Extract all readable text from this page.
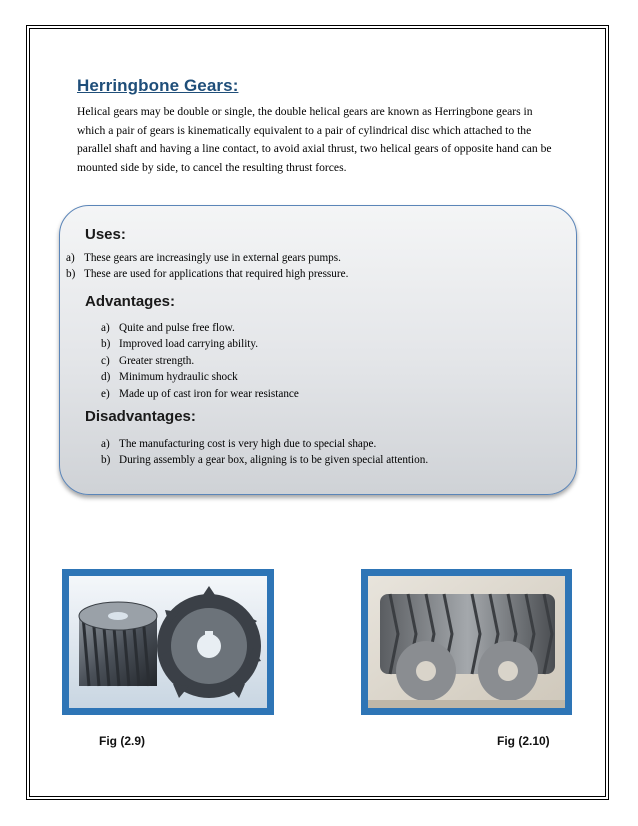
Herringbone Gears:
Helical gears may be double or single, the double helical gears are known as Herringbone gears in which a pair of gears is kinematically equivalent to a pair of cylindrical disc which attached to the parallel shaft and having a line contact, to avoid axial thrust, two helical gears of opposite hand can be mounted side by side, to cancel the resulting thrust forces.
Uses:
a) These gears are increasingly use in external gears pumps.
b) These are used for applications that required high pressure.
Advantages:
a) Quite and pulse free flow.
b) Improved load carrying ability.
c) Greater strength.
d) Minimum hydraulic shock
e) Made up of cast iron for wear resistance
Disadvantages:
a) The manufacturing cost is very high due to special shape.
b) During assembly a gear box, aligning is to be given special attention.
Fig (2.9)	Fig (2.10)
